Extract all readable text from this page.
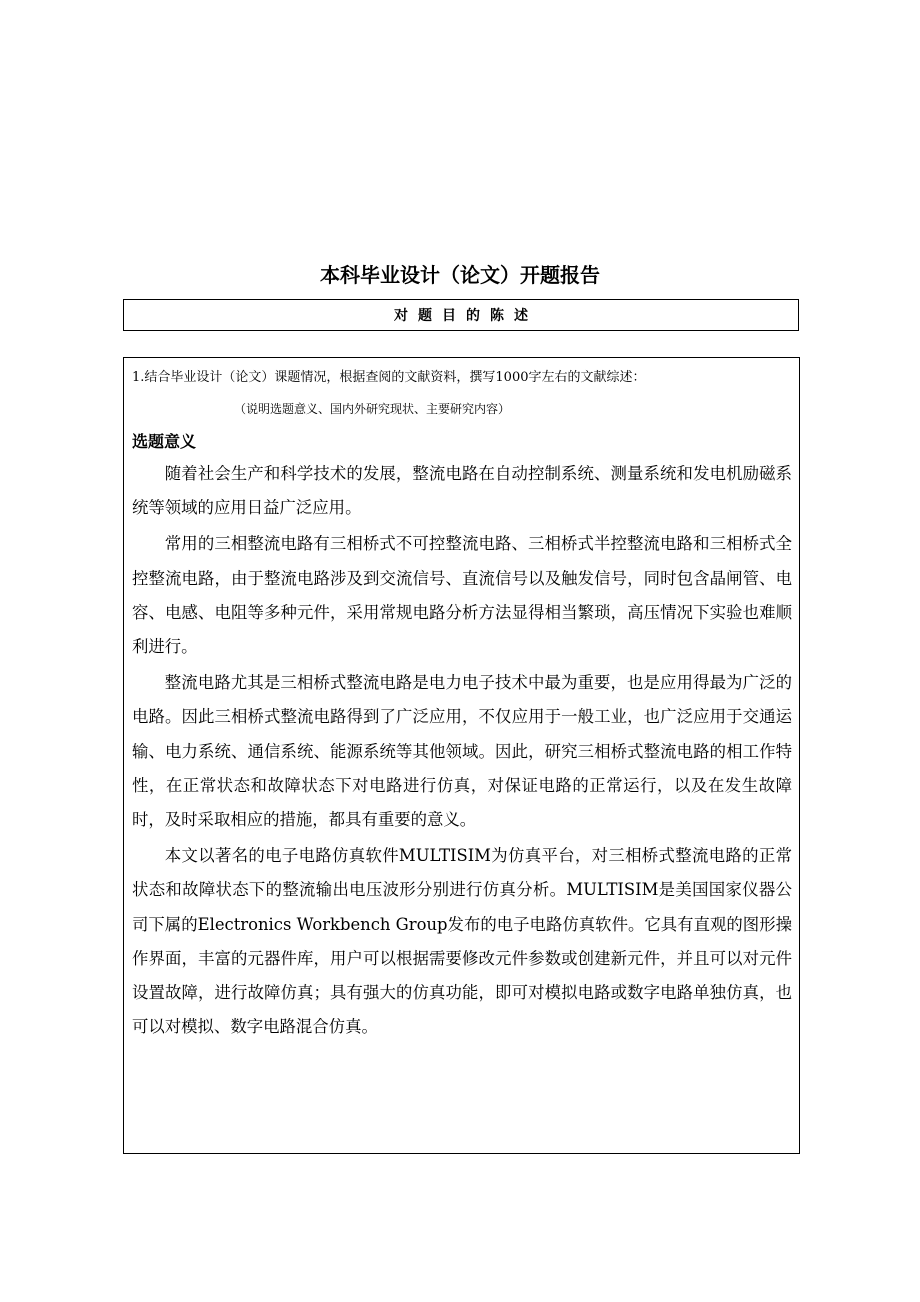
本科毕业设计（论文）开题报告
对题目的陈述

1.结合毕业设计（论文）课题情况，根据查阅的文献资料，撰写1000字左右的文献综述：

（说明选题意义、国内外研究现状、主要研究内容）

选题意义

随着社会生产和科学技术的发展，整流电路在自动控制系统、测量系统和发电机励磁系统等领域的应用日益广泛应用。

常用的三相整流电路有三相桥式不可控整流电路、三相桥式半控整流电路和三相桥式全控整流电路，由于整流电路涉及到交流信号、直流信号以及触发信号，同时包含晶闸管、电容、电感、电阻等多种元件，采用常规电路分析方法显得相当繁琐，高压情况下实验也难顺利进行。

整流电路尤其是三相桥式整流电路是电力电子技术中最为重要，也是应用得最为广泛的电路。因此三相桥式整流电路得到了广泛应用，不仅应用于一般工业，也广泛应用于交通运输、电力系统、通信系统、能源系统等其他领域。因此，研究三相桥式整流电路的相工作特性，在正常状态和故障状态下对电路进行仿真，对保证电路的正常运行，以及在发生故障时，及时采取相应的措施，都具有重要的意义。

本文以著名的电子电路仿真软件MULTISIM为仿真平台，对三相桥式整流电路的正常状态和故障状态下的整流输出电压波形分别进行仿真分析。MULTISIM是美国国家仪器公司下属的Electronics Workbench Group发布的电子电路仿真软件。它具有直观的图形操作界面，丰富的元器件库，用户可以根据需要修改元件参数或创建新元件，并且可以对元件设置故障，进行故障仿真；具有强大的仿真功能，即可对模拟电路或数字电路单独仿真，也可以对模拟、数字电路混合仿真。
